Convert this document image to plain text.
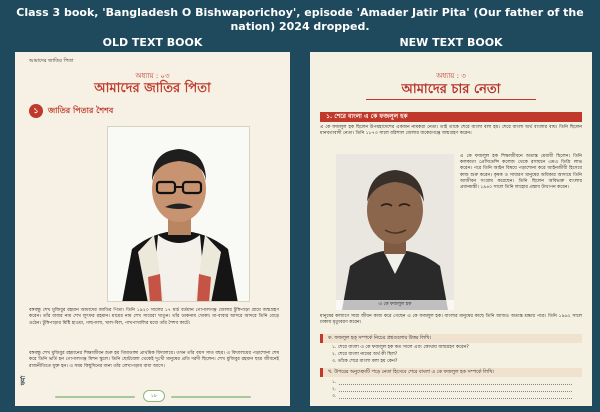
Class 3 book, 'Bangladesh O Bishwaporichoy', episode 'Amader Jatir Pita' (Our father of the nation) 2024 dropped.
OLD TEXT BOOK	NEW TEXT BOOK
আমাদের জাতির পিতা
অধ্যায় : ০৩
আমাদের জাতির পিতা
১	জাতির পিতার শৈশব
বঙ্গবন্ধু শেখ মুজিবুর রহমান আমাদের জাতির পিতা। তিনি ১৯২০ সালের ১৭ মার্চ বর্তমান গোপালগঞ্জ জেলার টুঙ্গিপাড়া গ্রামে জন্মগ্রহণ করেন। তাঁর বাবার নাম শেখ লুৎফর রহমান। মায়ের নাম শেখ সায়েরা খাতুন। তাঁর ডাকনাম খোকা। মা-বাবার আদরে আদরে তিনি বেড়ে ওঠেন। টুঙ্গিপাড়ার মিষ্টি হাওয়া, গাছপালা, খাল-বিল, পাখপাখালির মধ্যে তাঁর শৈশব কাটে।
বঙ্গবন্ধু শেখ মুজিবুর রহমানের শিক্ষাজীবন শুরু হয় গিমাডাঙ্গা প্রাথমিক বিদ্যালয়ে। তখন তাঁর বয়স সাত বছর। এ বিদ্যালয়ের পড়াশোনা শেষ করে তিনি ভর্তি হন গোপালগঞ্জ মিশন স্কুলে। তিনি ছোটবেলা থেকেই দুঃখী মানুষের প্রতি দরদী ছিলেন। শেখ মুজিবুর রহমান ছাত্র জীবনেই রাজনীতিতে যুক্ত হন। এ সময় কিছুদিনের জন্য তাঁর লেখাপড়ায় বাধা আসে।
ফর্মা
১৮
অধ্যায় : ৩
আমাদের চার নেতা
১. শেরে বাংলা এ কে ফজলুল হক
এ কে ফজলুল হক ছিলেন উপমহাদেশের একজন নামকরা নেতা। তাই তাকে শেরে বাংলা বলা হয়। শেরে বাংলা অর্থ বাংলার বাঘ। তিনি ছিলেন মানবতাবাদী নেতা। তিনি ১৮৭৩ সালে বরিশাল জেলার বাকেরগঞ্জে জন্মগ্রহণ করেন।
এ কে ফজলুল হক
এ কে ফজলুল হক শিক্ষাজীবনে অত্যন্ত মেধাবী ছিলেন। তিনি কলকাতা প্রেসিডেন্সি কলেজ থেকে রসায়নে এমএ ডিগ্রি লাভ করেন। পরে তিনি আইন বিষয়ে পড়াশোনা করে আইনজীবী হিসেবে কাজ শুরু করেন। কৃষক ও সাধারণ মানুষের অধিকার আদায়ে তিনি আজীবন সংগ্রাম করেছেন। তিনি ছিলেন অবিভক্ত বাংলার প্রধানমন্ত্রী। ১৯৪০ সালে তিনি লাহোর প্রস্তাব উত্থাপন করেন।
মানুষের কল্যাণে সারা জীবন কাজ করে গেছেন এ কে ফজলুল হক। বাংলার মানুষের কাছে তিনি আজও অত্যন্ত শ্রদ্ধার পাত্র। তিনি ১৯৬২ সালে ঢাকায় মৃত্যুবরণ করেন।
ক. ফজলুল হক্ সম্পর্কে নিচের প্রশ্নগুলোর উত্তর লিখি।
১. শেরে বাংলা এ কে ফজলুল হক কত সালে এবং কোথায় জন্মগ্রহণ করেন?
২. শেরে বাংলা নামের অর্থ কী ছিল?
৩. তাঁকে শেরে বাংলা বলা হয় কেন?
খ. উপরের অনুচ্ছেদটি পড়ে নেতা হিসেবে শেরে বাংলা এ কে ফজলুল হক সম্পর্কে লিখি।
১.
২.
৩.
